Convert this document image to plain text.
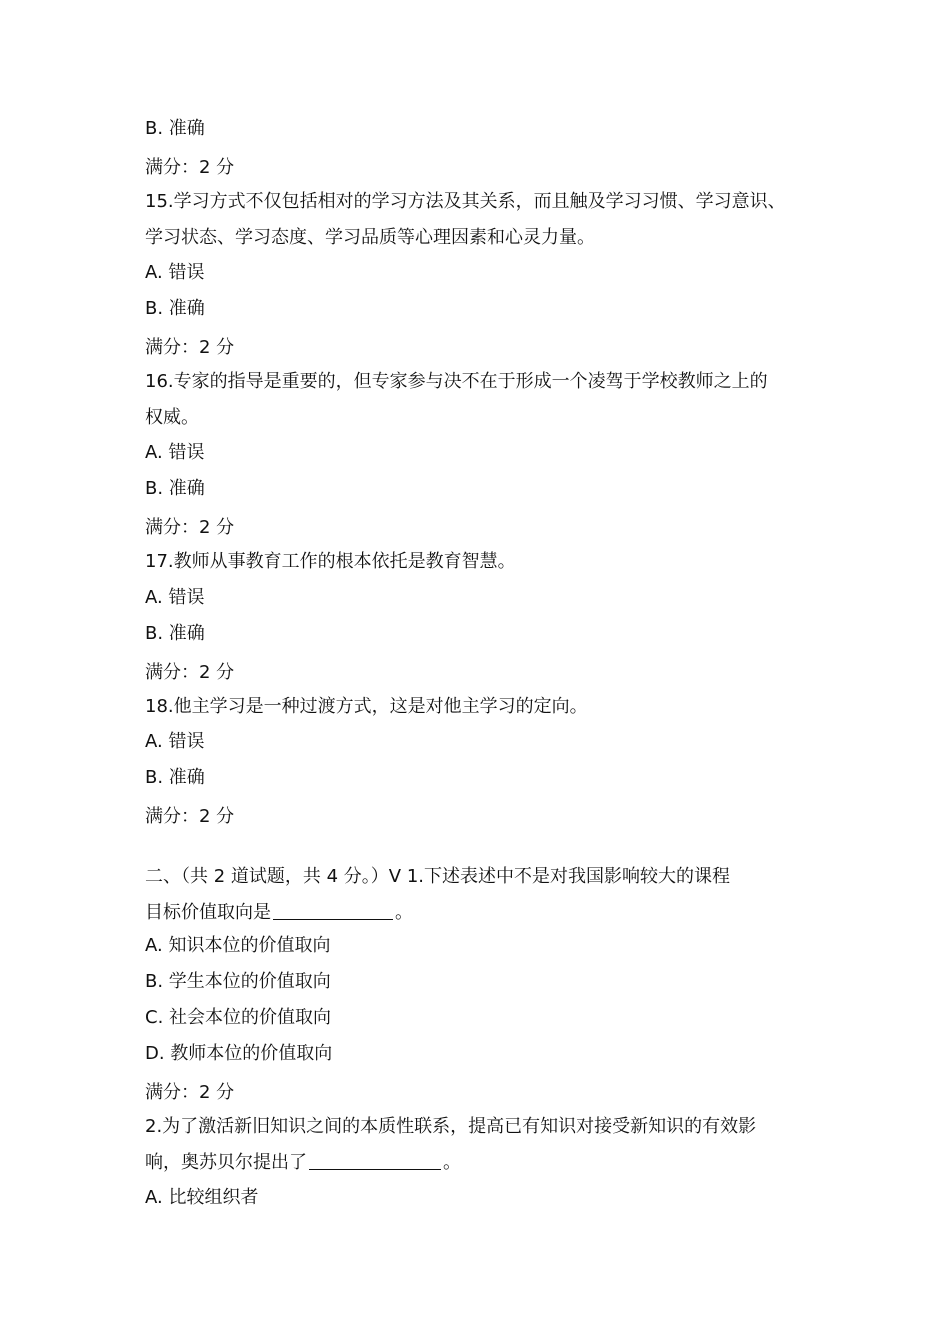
B. 准确
满分：2 分
15.学习方式不仅包括相对的学习方法及其关系，而且触及学习习惯、学习意识、
学习状态、学习态度、学习品质等心理因素和心灵力量。
A. 错误
B. 准确
满分：2 分
16.专家的指导是重要的，但专家参与决不在于形成一个凌驾于学校教师之上的
权威。
A. 错误
B. 准确
满分：2 分
17.教师从事教育工作的根本依托是教育智慧。
A. 错误
B. 准确
满分：2 分
18.他主学习是一种过渡方式，这是对他主学习的定向。
A. 错误
B. 准确
满分：2 分
二、（共 2 道试题，共 4 分。）V 1.下述表述中不是对我国影响较大的课程
目标价值取向是	。
A. 知识本位的价值取向
B. 学生本位的价值取向
C. 社会本位的价值取向
D. 教师本位的价值取向
满分：2 分
2.为了激活新旧知识之间的本质性联系，提高已有知识对接受新知识的有效影
响，奥苏贝尔提出了	。
A. 比较组织者
